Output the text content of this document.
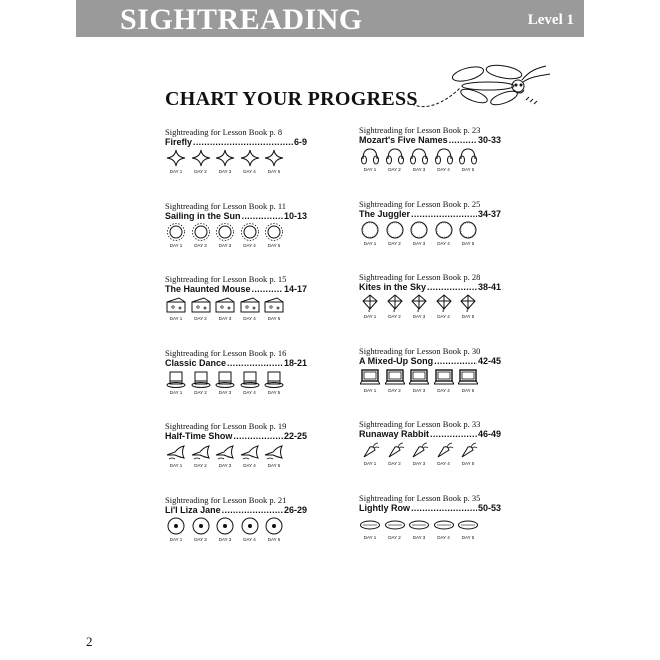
SIGHTREADING	Level 1
CHART YOUR PROGRESS
Sightreading for Lesson Book p. 8
Firefly .....	6-9
DAY 1	DAY 2	DAY 3	DAY 4	DAY 5
Sightreading for Lesson Book p. 11
Sailing in the Sun .....	10-13
DAY 1	DAY 3	DAY 3	DAY 4	DAY 5
Sightreading for Lesson Book p. 15
The Haunted Mouse .....	14-17
DAY 1	DAY 2	DAY 3	DAY 4	DAY 5
Sightreading for Lesson Book p. 16
Classic Dance .....	18-21
DAY 1	DAY 2	DAY 3	DAY 4	DAY 5
Sightreading for Lesson Book p. 19
Half-Time Show .....	22-25
DAY 1	DAY 2	DAY 3	DAY 4	DAY 5
Sightreading for Lesson Book p. 21
Li'l Liza Jane .....	26-29
DAY 1	DAY 3	DAY 3	DAY 4	DAY 5
Sightreading for Lesson Book p. 23
Mozart's Five Names .....	30-33
DAY 1	DAY 2	DAY 3	DAY 4	DAY 5
Sightreading for Lesson Book p. 25
The Juggler .....	34-37
DAY 1	DAY 2	DAY 3	DAY 4	DAY 5
Sightreading for Lesson Book p. 28
Kites in the Sky .....	38-41
DAY 1	DAY 2	DAY 3	DAY 4	DAY 5
Sightreading for Lesson Book p. 30
A Mixed-Up Song .....	42-45
DAY 1	DAY 2	DAY 3	DAY 4	DAY 5
Sightreading for Lesson Book p. 33
Runaway Rabbit .....	46-49
DAY 1	DAY 2	DAY 3	DAY 4	DAY 5
Sightreading for Lesson Book p. 35
Lightly Row .....	50-53
DAY 1	DAY 2	DAY 3	DAY 4	DAY 5
2
